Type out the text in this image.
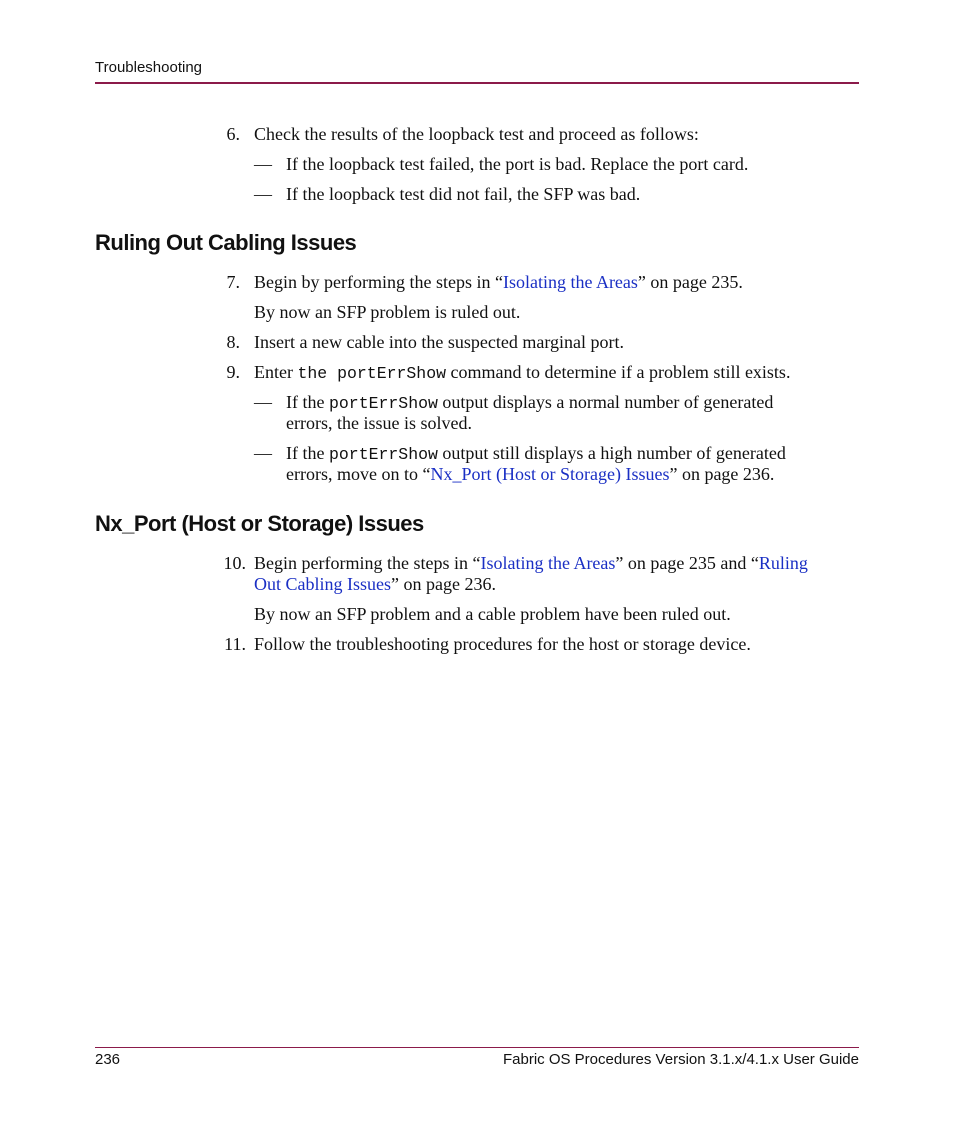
Troubleshooting
6. Check the results of the loopback test and proceed as follows:
— If the loopback test failed, the port is bad. Replace the port card.
— If the loopback test did not fail, the SFP was bad.
Ruling Out Cabling Issues
7. Begin by performing the steps in “Isolating the Areas” on page 235.
By now an SFP problem is ruled out.
8. Insert a new cable into the suspected marginal port.
9. Enter the portErrShow command to determine if a problem still exists.
— If the portErrShow output displays a normal number of generated
errors, the issue is solved.
— If the portErrShow output still displays a high number of generated
errors, move on to “Nx_Port (Host or Storage) Issues” on page 236.
Nx_Port (Host or Storage) Issues
10. Begin performing the steps in “Isolating the Areas” on page 235 and “Ruling
Out Cabling Issues” on page 236.
By now an SFP problem and a cable problem have been ruled out.
11. Follow the troubleshooting procedures for the host or storage device.
236	Fabric OS Procedures Version 3.1.x/4.1.x User Guide
